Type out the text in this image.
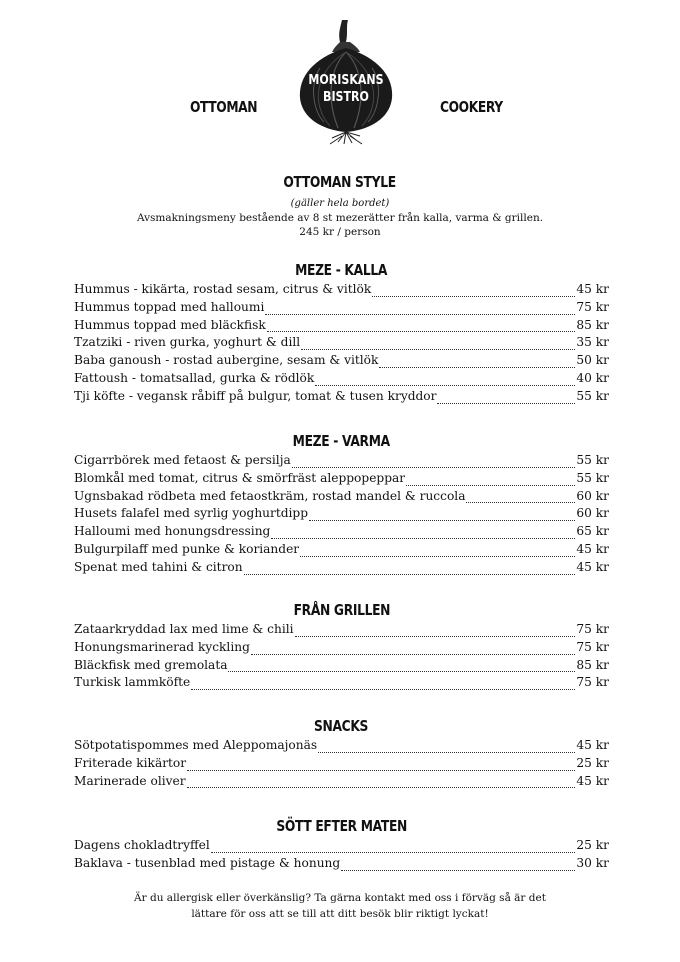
OTTOMAN
MORISKANS
BISTRO
COOKERY
OTTOMAN STYLE
(gäller hela bordet)
Avsmakningsmeny bestående av 8 st mezerätter från kalla, varma & grillen.
245 kr / person
MEZE - KALLA
Hummus - kikärta, rostad sesam, citrus & vitlök	45 kr
Hummus toppad med halloumi	75 kr
Hummus toppad med bläckfisk	85 kr
Tzatziki - riven gurka, yoghurt & dill	35 kr
Baba ganoush - rostad aubergine, sesam & vitlök	50 kr
Fattoush - tomatsallad, gurka & rödlök	40 kr
Tji köfte - vegansk råbiff på bulgur, tomat & tusen kryddor	55 kr
MEZE - VARMA
Cigarrbörek med fetaost & persilja	55 kr
Blomkål med tomat, citrus & smörfräst aleppopeppar	55 kr
Ugnsbakad rödbeta med fetaostkräm, rostad mandel & ruccola	60 kr
Husets falafel med syrlig yoghurtdipp	60 kr
Halloumi med honungsdressing	65 kr
Bulgurpilaff med punke & koriander	45 kr
Spenat med tahini & citron	45 kr
FRÅN GRILLEN
Zataarkryddad lax med lime & chili	75 kr
Honungsmarinerad kyckling	75 kr
Bläckfisk med gremolata	85 kr
Turkisk lammköfte	75 kr
SNACKS
Sötpotatispommes med Aleppomajonäs	45 kr
Friterade kikärtor	25 kr
Marinerade oliver	45 kr
SÖTT EFTER MATEN
Dagens chokladtryffel	25 kr
Baklava - tusenblad med pistage & honung	30 kr
Är du allergisk eller överkänslig? Ta gärna kontakt med oss i förväg så är det
lättare för oss att se till att ditt besök blir riktigt lyckat!
